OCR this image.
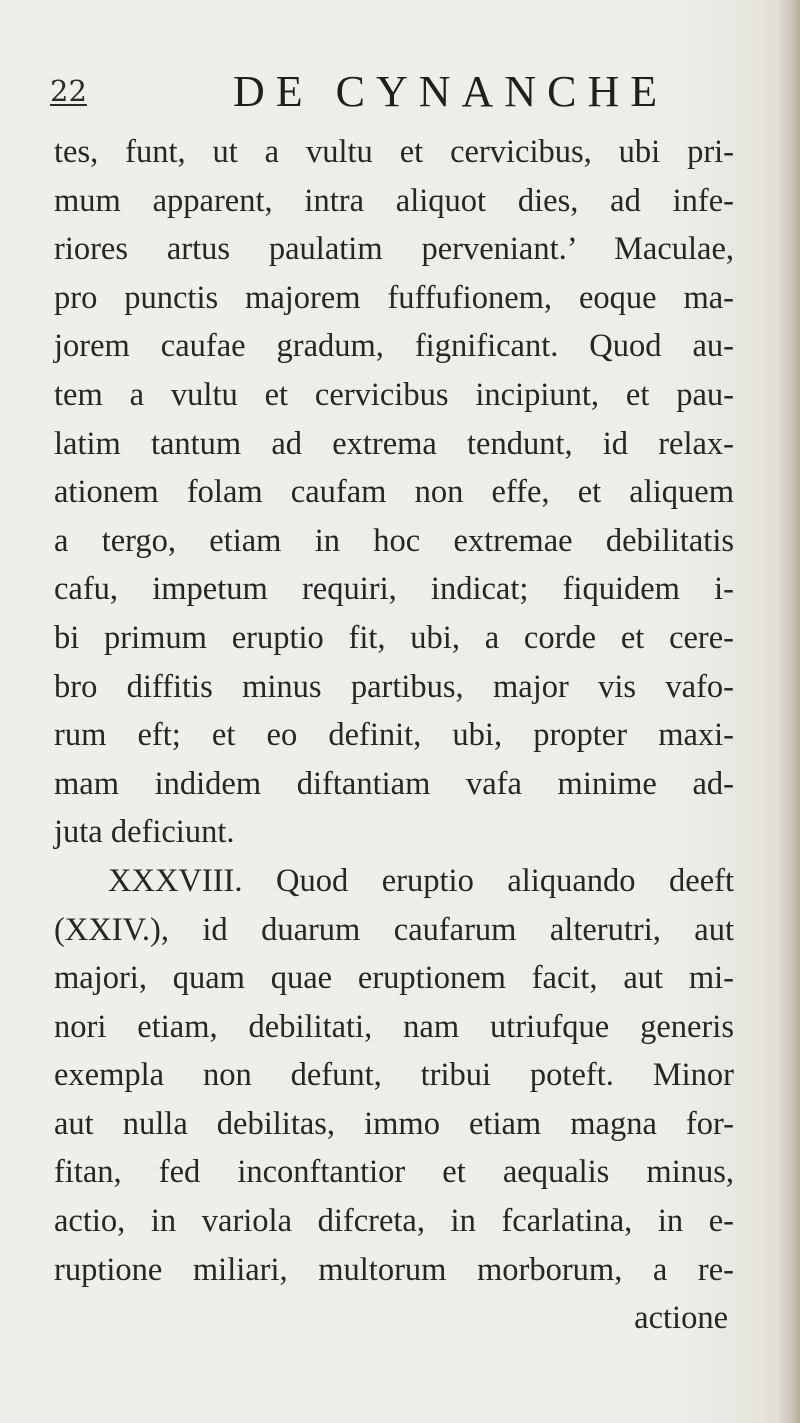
22	DE CYNANCHE
tes, funt, ut a vultu et cervicibus, ubi pri-
mum apparent, intra aliquot dies, ad infe-
riores artus paulatim perveniant.’ Maculae,
pro punctis majorem fuffufionem, eoque ma-
jorem caufae gradum, fignificant. Quod au-
tem a vultu et cervicibus incipiunt, et pau-
latim tantum ad extrema tendunt, id relax-
ationem folam caufam non effe, et aliquem
a tergo, etiam in hoc extremae debilitatis
cafu, impetum requiri, indicat; fiquidem i-
bi primum eruptio fit, ubi, a corde et cere-
bro diffitis minus partibus, major vis vafo-
rum eft; et eo definit, ubi, propter maxi-
mam indidem diftantiam vafa minime ad-
juta deficiunt.
XXXVIII. Quod eruptio aliquando deeft
(XXIV.), id duarum caufarum alterutri, aut
majori, quam quae eruptionem facit, aut mi-
nori etiam, debilitati, nam utriufque generis
exempla non defunt, tribui poteft. Minor
aut nulla debilitas, immo etiam magna for-
fitan, fed inconftantior et aequalis minus,
actio, in variola difcreta, in fcarlatina, in e-
ruptione miliari, multorum morborum, a re-
actione
